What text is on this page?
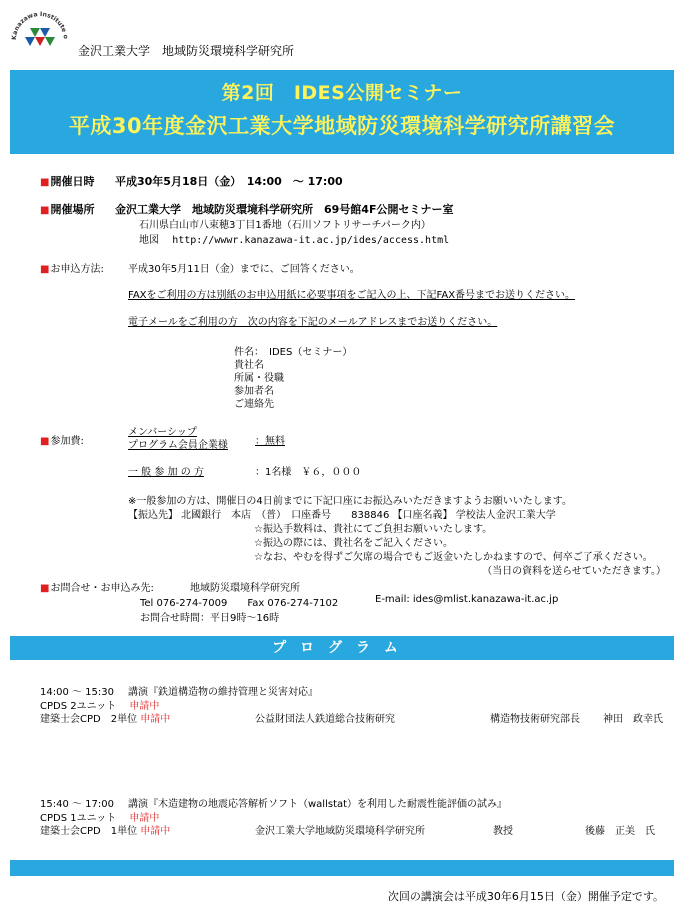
Kanazawa Institute o
金沢工業大学　地域防災環境科学研究所
第2回　IDES公開セミナー
平成30年度金沢工業大学地域防災環境科学研究所講習会
■開催日時 平成30年5月18日（金）　14:00　～ 17:00
■開催場所 金沢工業大学　地域防災環境科学研究所　69号館4F公開セミナー室
石川県白山市八束穂3丁目1番地（石川ソフトリサーチパーク内）
地図 http://wwwr.kanazawa-it.ac.jp/ides/access.html
■お申込方法: 平成30年5月11日（金）までに、ご回答ください。
FAXをご利用の方は別紙のお申込用紙に必要事項をご記入の上、下記FAX番号までお送りください。
電子メールをご利用の方　次の内容を下記のメールアドレスまでお送りください。
件名：　IDES（セミナー）
貴社名
所属・役職
参加者名
ご連絡先
■参加費:
メンバーシップ
プログラム会員企業様	：無料
一 般 参 加 の 方	：1名様　￥６，０００
※一般参加の方は、開催日の4日前までに下記口座にお振込みいただきますようお願いいたします。
【振込先】 北國銀行　本店　（普）　口座番号　　838846 【口座名義】 学校法人金沢工業大学
☆振込手数料は、貴社にてご負担お願いいたします。
☆振込の際には、貴社名をご記入ください。
☆なお、やむを得ずご欠席の場合でもご返金いたしかねますので、何卒ご了承ください。
（当日の資料を送らせていただきます。）
■お問合せ・お申込み先:	地域防災環境科学研究所
Tel 076-274-7009　　Fax 076-274-7102	E-mail: ides@mlist.kanazawa-it.ac.jp
お問合せ時間：平日9時～16時
プログラム
14:00 ～ 15:30 講演『鉄道構造物の維持管理と災害対応』
CPDS 2ユニット 申請中
建築士会CPD　2単位 申請中	公益財団法人鉄道総合技術研究	構造物技術研究部長 神田　政幸氏
15:40 ～ 17:00 講演『木造建物の地震応答解析ソフト（wallstat）を利用した耐震性能評価の試み』
CPDS 1ユニット 申請中
建築士会CPD　1単位 申請中	金沢工業大学地域防災環境科学研究所	教授	後藤　正美　氏
次回の講演会は平成30年6月15日（金）開催予定です。
